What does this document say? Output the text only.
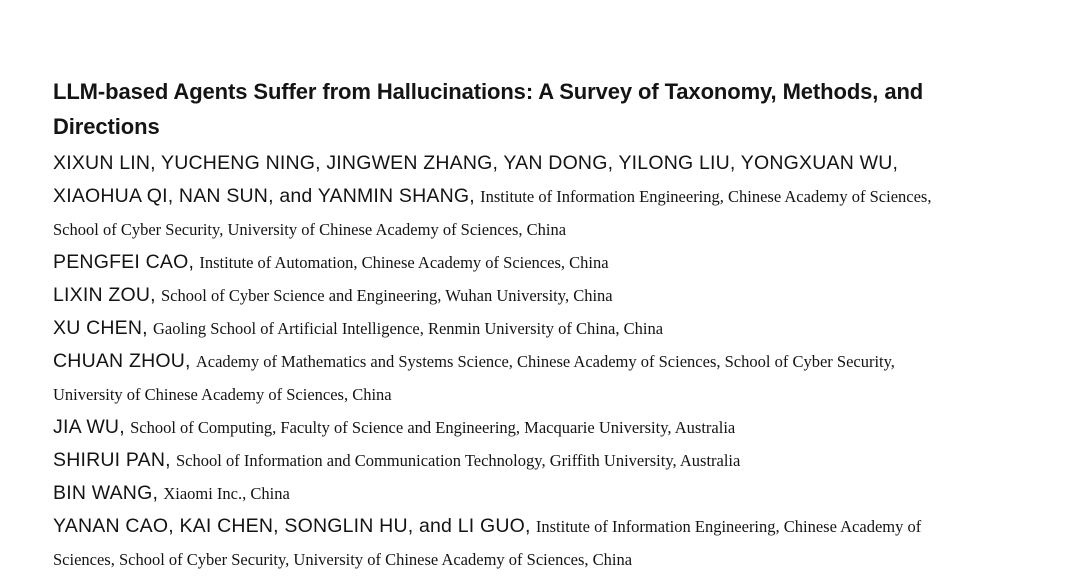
LLM-based Agents Suffer from Hallucinations: A Survey of Taxonomy, Methods, and Directions

XIXUN LIN, YUCHENG NING, JINGWEN ZHANG, YAN DONG, YILONG LIU, YONGXUAN WU, XIAOHUA QI, NAN SUN, and YANMIN SHANG, Institute of Information Engineering, Chinese Academy of Sciences, School of Cyber Security, University of Chinese Academy of Sciences, China

PENGFEI CAO, Institute of Automation, Chinese Academy of Sciences, China

LIXIN ZOU, School of Cyber Science and Engineering, Wuhan University, China

XU CHEN, Gaoling School of Artificial Intelligence, Renmin University of China, China

CHUAN ZHOU, Academy of Mathematics and Systems Science, Chinese Academy of Sciences, School of Cyber Security, University of Chinese Academy of Sciences, China

JIA WU, School of Computing, Faculty of Science and Engineering, Macquarie University, Australia

SHIRUI PAN, School of Information and Communication Technology, Griffith University, Australia

BIN WANG, Xiaomi Inc., China

YANAN CAO, KAI CHEN, SONGLIN HU, and LI GUO, Institute of Information Engineering, Chinese Academy of Sciences, School of Cyber Security, University of Chinese Academy of Sciences, China
